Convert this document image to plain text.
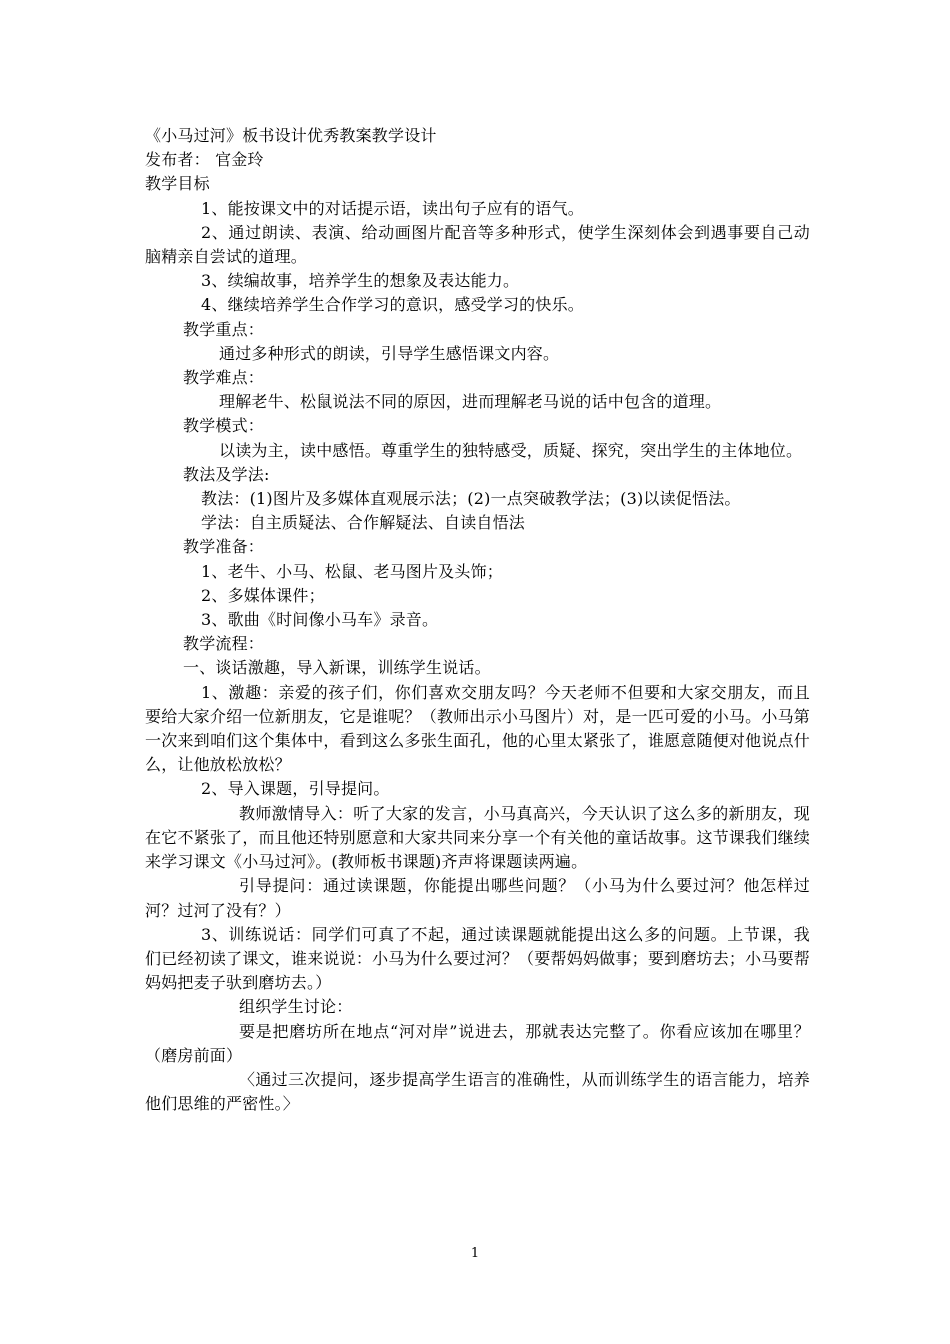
《小马过河》板书设计优秀教案教学设计

发布者： 官金玲

教学目标

1、能按课文中的对话提示语，读出句子应有的语气。

2、通过朗读、表演、给动画图片配音等多种形式，使学生深刻体会到遇事要自己动脑精亲自尝试的道理。

3、续编故事，培养学生的想象及表达能力。

4、继续培养学生合作学习的意识，感受学习的快乐。

教学重点：

通过多种形式的朗读，引导学生感悟课文内容。

教学难点：

理解老牛、松鼠说法不同的原因，进而理解老马说的话中包含的道理。

教学模式：

以读为主，读中感悟。尊重学生的独特感受，质疑、探究，突出学生的主体地位。

教法及学法:

教法：(1)图片及多媒体直观展示法；(2)一点突破教学法；(3)以读促悟法。

学法：自主质疑法、合作解疑法、自读自悟法

教学准备：

1、老牛、小马、松鼠、老马图片及头饰；

2、多媒体课件；

3、歌曲《时间像小马车》录音。

教学流程：

一、谈话激趣，导入新课，训练学生说话。

1、激趣：亲爱的孩子们，你们喜欢交朋友吗？今天老师不但要和大家交朋友，而且要给大家介绍一位新朋友，它是谁呢？（教师出示小马图片）对，是一匹可爱的小马。小马第一次来到咱们这个集体中，看到这么多张生面孔，他的心里太紧张了，谁愿意随便对他说点什么，让他放松放松？

2、导入课题，引导提问。

教师激情导入：听了大家的发言，小马真高兴，今天认识了这么多的新朋友，现在它不紧张了，而且他还特别愿意和大家共同来分享一个有关他的童话故事。这节课我们继续来学习课文《小马过河》。(教师板书课题)齐声将课题读两遍。

引导提问：通过读课题，你能提出哪些问题？（小马为什么要过河？他怎样过河？过河了没有？）

3、训练说话：同学们可真了不起，通过读课题就能提出这么多的问题。上节课，我们已经初读了课文，谁来说说：小马为什么要过河？（要帮妈妈做事；要到磨坊去；小马要帮妈妈把麦子驮到磨坊去。）

组织学生讨论：

要是把磨坊所在地点“河对岸”说进去，那就表达完整了。你看应该加在哪里？（磨房前面）

〈通过三次提问，逐步提高学生语言的准确性，从而训练学生的语言能力，培养他们思维的严密性。〉

1
